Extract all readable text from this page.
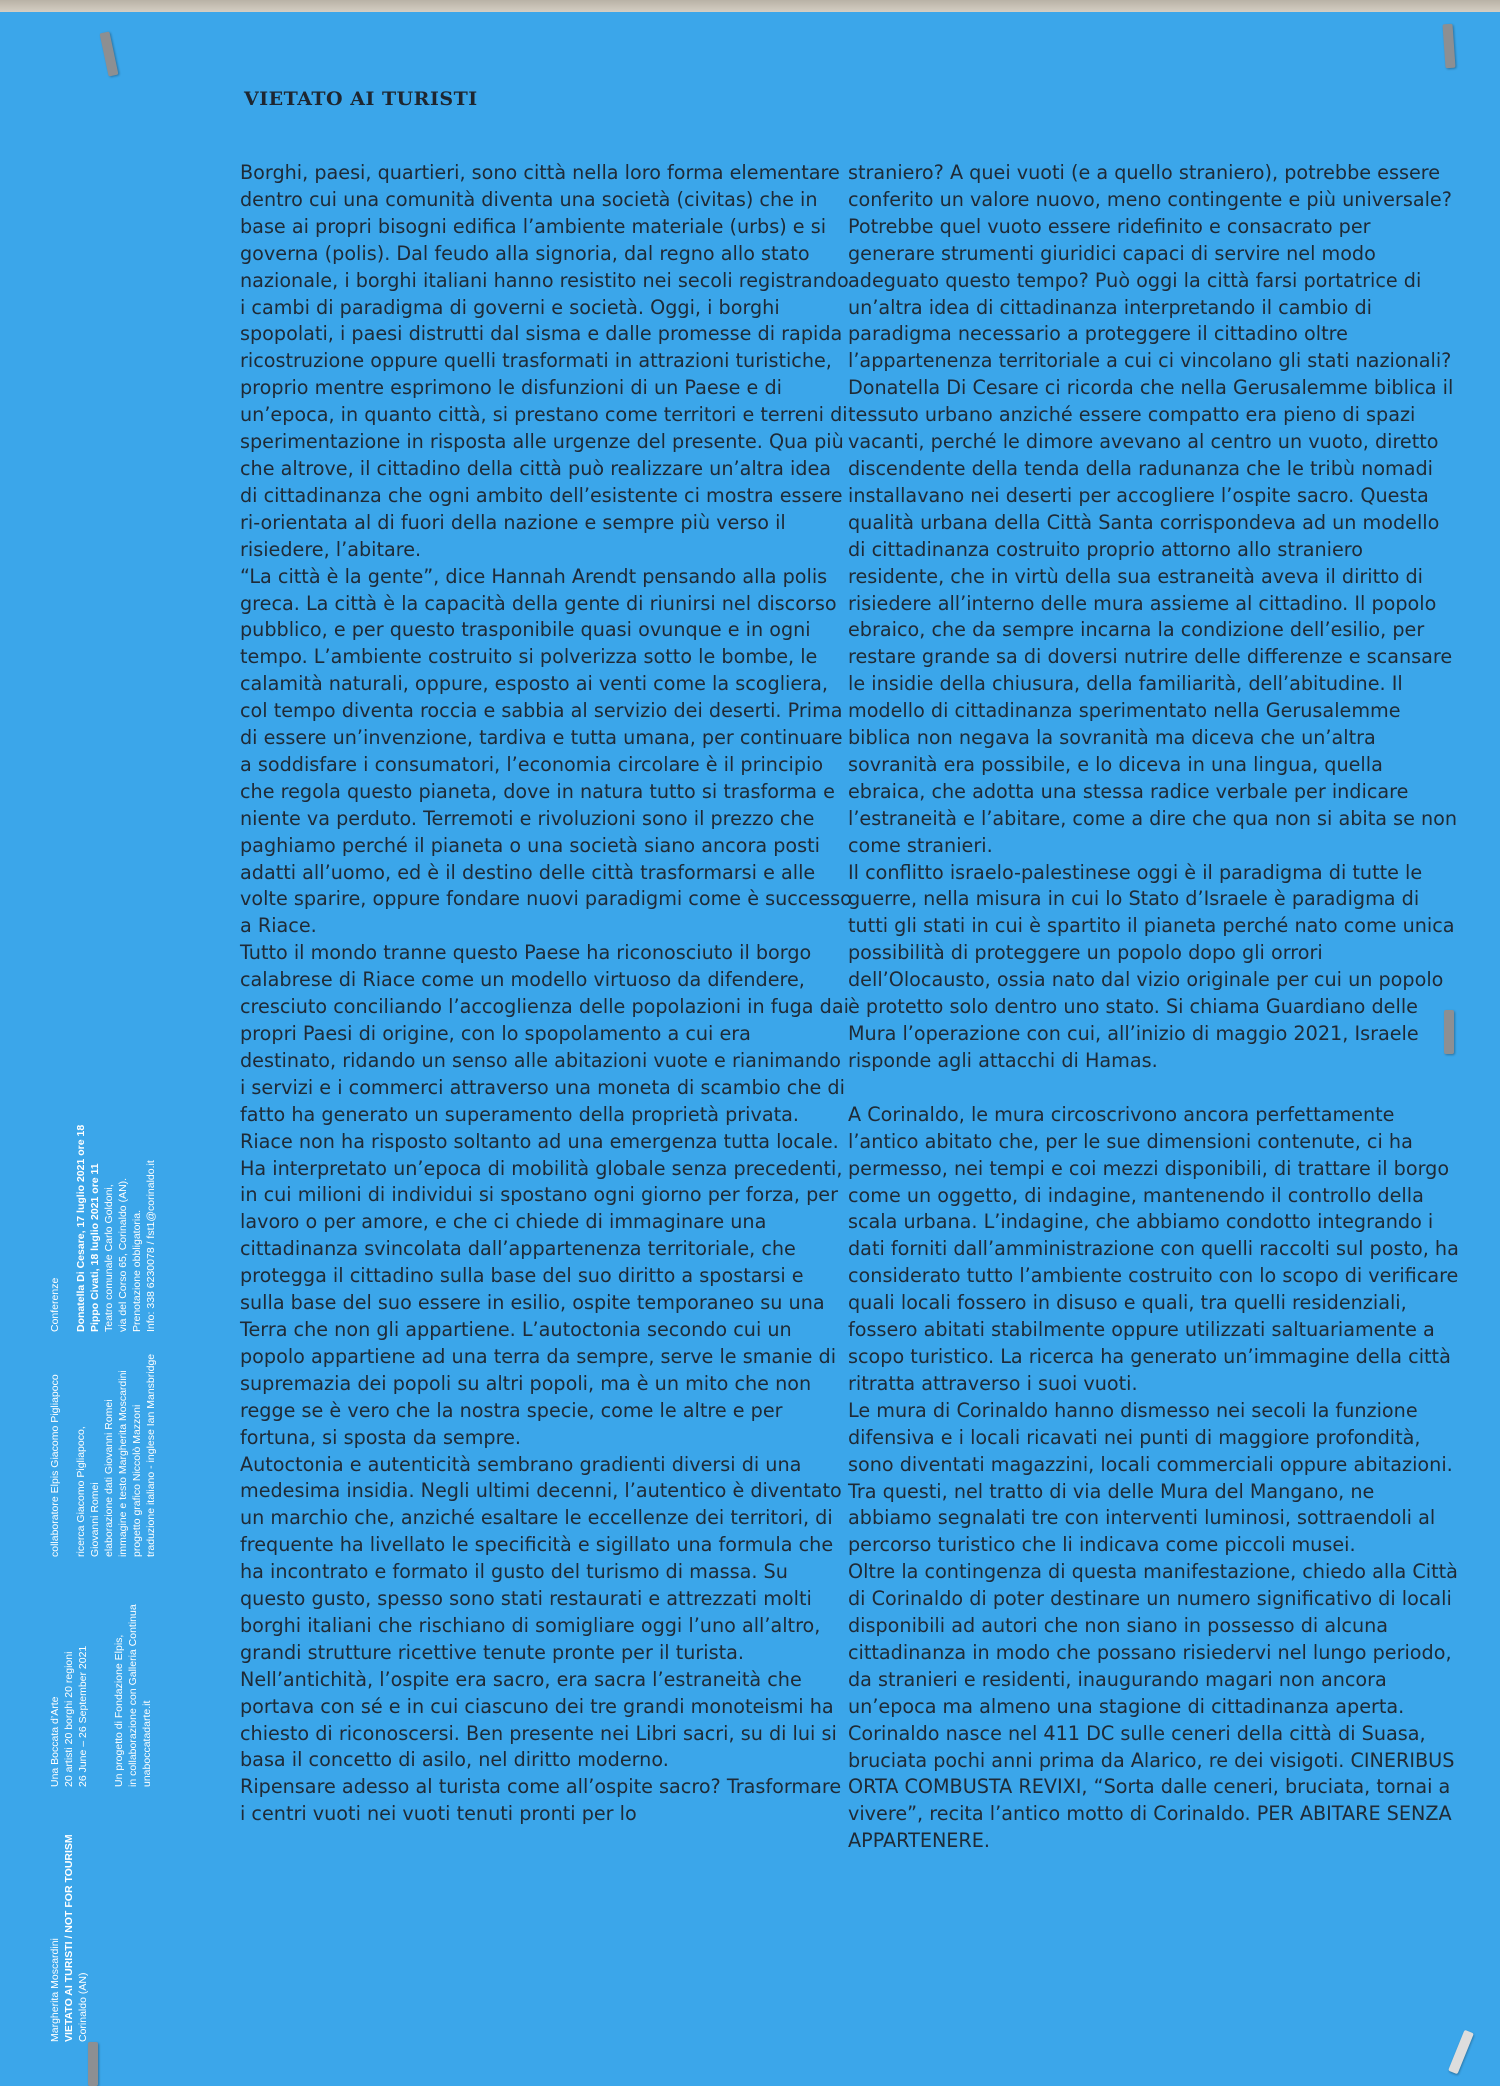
VIETATO AI TURISTI

Borghi, paesi, quartieri, sono città nella loro forma elementare dentro cui una comunità diventa una società (civitas) che in base ai propri bisogni edifica l’ambiente materiale (urbs) e si governa (polis). Dal feudo alla signoria, dal regno allo stato nazionale, i borghi italiani hanno resistito nei secoli registrando i cambi di paradigma di governi e società. Oggi, i borghi spopolati, i paesi distrutti dal sisma e dalle promesse di rapida ricostruzione oppure quelli trasformati in attrazioni turistiche, proprio mentre esprimono le disfunzioni di un Paese e di un’epoca, in quanto città, si prestano come territori e terreni di sperimentazione in risposta alle urgenze del presente. Qua più che altrove, il cittadino della città può realizzare un’altra idea di cittadinanza che ogni ambito dell’esistente ci mostra essere ri-orientata al di fuori della nazione e sempre più verso il risiedere, l’abitare.

“La città è la gente”, dice Hannah Arendt pensando alla polis greca. La città è la capacità della gente di riunirsi nel discorso pubblico, e per questo trasponibile quasi ovunque e in ogni tempo. L’ambiente costruito si polverizza sotto le bombe, le calamità naturali, oppure, esposto ai venti come la scogliera, col tempo diventa roccia e sabbia al servizio dei deserti. Prima di essere un’invenzione, tardiva e tutta umana, per continuare a soddisfare i consumatori, l’economia circolare è il principio che regola questo pianeta, dove in natura tutto si trasforma e niente va perduto. Terremoti e rivoluzioni sono il prezzo che paghiamo perché il pianeta o una società siano ancora posti adatti all’uomo, ed è il destino delle città trasformarsi e alle volte sparire, oppure fondare nuovi paradigmi come è successo a Riace.

Tutto il mondo tranne questo Paese ha riconosciuto il borgo calabrese di Riace come un modello virtuoso da difendere, cresciuto conciliando l’accoglienza delle popolazioni in fuga dai propri Paesi di origine, con lo spopolamento a cui era destinato, ridando un senso alle abitazioni vuote e rianimando i servizi e i commerci attraverso una moneta di scambio che di fatto ha generato un superamento della proprietà privata. Riace non ha risposto soltanto ad una emergenza tutta locale. Ha interpretato un’epoca di mobilità globale senza precedenti, in cui milioni di individui si spostano ogni giorno per forza, per lavoro o per amore, e che ci chiede di immaginare una cittadinanza svincolata dall’appartenenza territoriale, che protegga il cittadino sulla base del suo diritto a spostarsi e sulla base del suo essere in esilio, ospite temporaneo su una Terra che non gli appartiene. L’autoctonia secondo cui un popolo appartiene ad una terra da sempre, serve le smanie di supremazia dei popoli su altri popoli, ma è un mito che non regge se è vero che la nostra specie, come le altre e per fortuna, si sposta da sempre.

Autoctonia e autenticità sembrano gradienti diversi di una medesima insidia. Negli ultimi decenni, l’autentico è diventato un marchio che, anziché esaltare le eccellenze dei territori, di frequente ha livellato le specificità e sigillato una formula che ha incontrato e formato il gusto del turismo di massa. Su questo gusto, spesso sono stati restaurati e attrezzati molti borghi italiani che rischiano di somigliare oggi l’uno all’altro, grandi strutture ricettive tenute pronte per il turista.

Nell’antichità, l’ospite era sacro, era sacra l’estraneità che portava con sé e in cui ciascuno dei tre grandi monoteismi ha chiesto di riconoscersi. Ben presente nei Libri sacri, su di lui si basa il concetto di asilo, nel diritto moderno.

Ripensare adesso al turista come all’ospite sacro? Trasformare i centri vuoti nei vuoti tenuti pronti per lo

straniero? A quei vuoti (e a quello straniero), potrebbe essere conferito un valore nuovo, meno contingente e più universale? Potrebbe quel vuoto essere ridefinito e consacrato per generare strumenti giuridici capaci di servire nel modo adeguato questo tempo? Può oggi la città farsi portatrice di un’altra idea di cittadinanza interpretando il cambio di paradigma necessario a proteggere il cittadino oltre l’appartenenza territoriale a cui ci vincolano gli stati nazionali?

Donatella Di Cesare ci ricorda che nella Gerusalemme biblica il tessuto urbano anziché essere compatto era pieno di spazi vacanti, perché le dimore avevano al centro un vuoto, diretto discendente della tenda della radunanza che le tribù nomadi installavano nei deserti per accogliere l’ospite sacro. Questa qualità urbana della Città Santa corrispondeva ad un modello di cittadinanza costruito proprio attorno allo straniero residente, che in virtù della sua estraneità aveva il diritto di risiedere all’interno delle mura assieme al cittadino. Il popolo ebraico, che da sempre incarna la condizione dell’esilio, per restare grande sa di doversi nutrire delle differenze e scansare le insidie della chiusura, della familiarità, dell’abitudine. Il modello di cittadinanza sperimentato nella Gerusalemme biblica non negava la sovranità ma diceva che un’altra sovranità era possibile, e lo diceva in una lingua, quella ebraica, che adotta una stessa radice verbale per indicare l’estraneità e l’abitare, come a dire che qua non si abita se non come stranieri.

Il conflitto israelo-palestinese oggi è il paradigma di tutte le guerre, nella misura in cui lo Stato d’Israele è paradigma di tutti gli stati in cui è spartito il pianeta perché nato come unica possibilità di proteggere un popolo dopo gli orrori dell’Olocausto, ossia nato dal vizio originale per cui un popolo è protetto solo dentro uno stato. Si chiama Guardiano delle Mura l’operazione con cui, all’inizio di maggio 2021, Israele risponde agli attacchi di Hamas.

A Corinaldo, le mura circoscrivono ancora perfettamente l’antico abitato che, per le sue dimensioni contenute, ci ha permesso, nei tempi e coi mezzi disponibili, di trattare il borgo come un oggetto, di indagine, mantenendo il controllo della scala urbana. L’indagine, che abbiamo condotto integrando i dati forniti dall’amministrazione con quelli raccolti sul posto, ha considerato tutto l’ambiente costruito con lo scopo di verificare quali locali fossero in disuso e quali, tra quelli residenziali, fossero abitati stabilmente oppure utilizzati saltuariamente a scopo turistico. La ricerca ha generato un’immagine della città ritratta attraverso i suoi vuoti.

Le mura di Corinaldo hanno dismesso nei secoli la funzione difensiva e i locali ricavati nei punti di maggiore profondità, sono diventati magazzini, locali commerciali oppure abitazioni. Tra questi, nel tratto di via delle Mura del Mangano, ne abbiamo segnalati tre con interventi luminosi, sottraendoli al percorso turistico che li indicava come piccoli musei.

Oltre la contingenza di questa manifestazione, chiedo alla Città di Corinaldo di poter destinare un numero significativo di locali disponibili ad autori che non siano in possesso di alcuna cittadinanza in modo che possano risiedervi nel lungo periodo, da stranieri e residenti, inaugurando magari non ancora un’epoca ma almeno una stagione di cittadinanza aperta.

Corinaldo nasce nel 411 DC sulle ceneri della città di Suasa, bruciata pochi anni prima da Alarico, re dei visigoti. CINERIBUS ORTA COMBUSTA REVIXI, “Sorta dalle ceneri, bruciata, tornai a vivere”, recita l’antico motto di Corinaldo. PER ABITARE SENZA APPARTENERE.

Margherita Moscardini VIETATO AI TURISTI / NOT FOR TOURISM Corinaldo (AN)
Una Boccata d’Arte 20 artisti 20 borghi 20 regioni 26 June – 26 September 2021 Un progetto di Fondazione Elpis, in collaborazione con Galleria Continua unaboccatadarte.it
collaboratore Elpis Giacomo Pigliapoco ricerca Giacomo Pigliapoco, Giovanni Romei elaborazione dati Giovanni Romei immagine e testo Margherita Moscardini progetto grafico Niccolò Mazzoni traduzione italiano - inglese Ian Mansbridge
Conferenze Donatella Di Cesare, 17 luglio 2021 ore 18 Pippo Civati, 18 luglio 2021 ore 11 Teatro comunale Carlo Goldoni, via del Corso 65, Corinaldo (AN). Prenotazione obbligatoria. Info: 338 6230078 / fst1@corinaldo.it
